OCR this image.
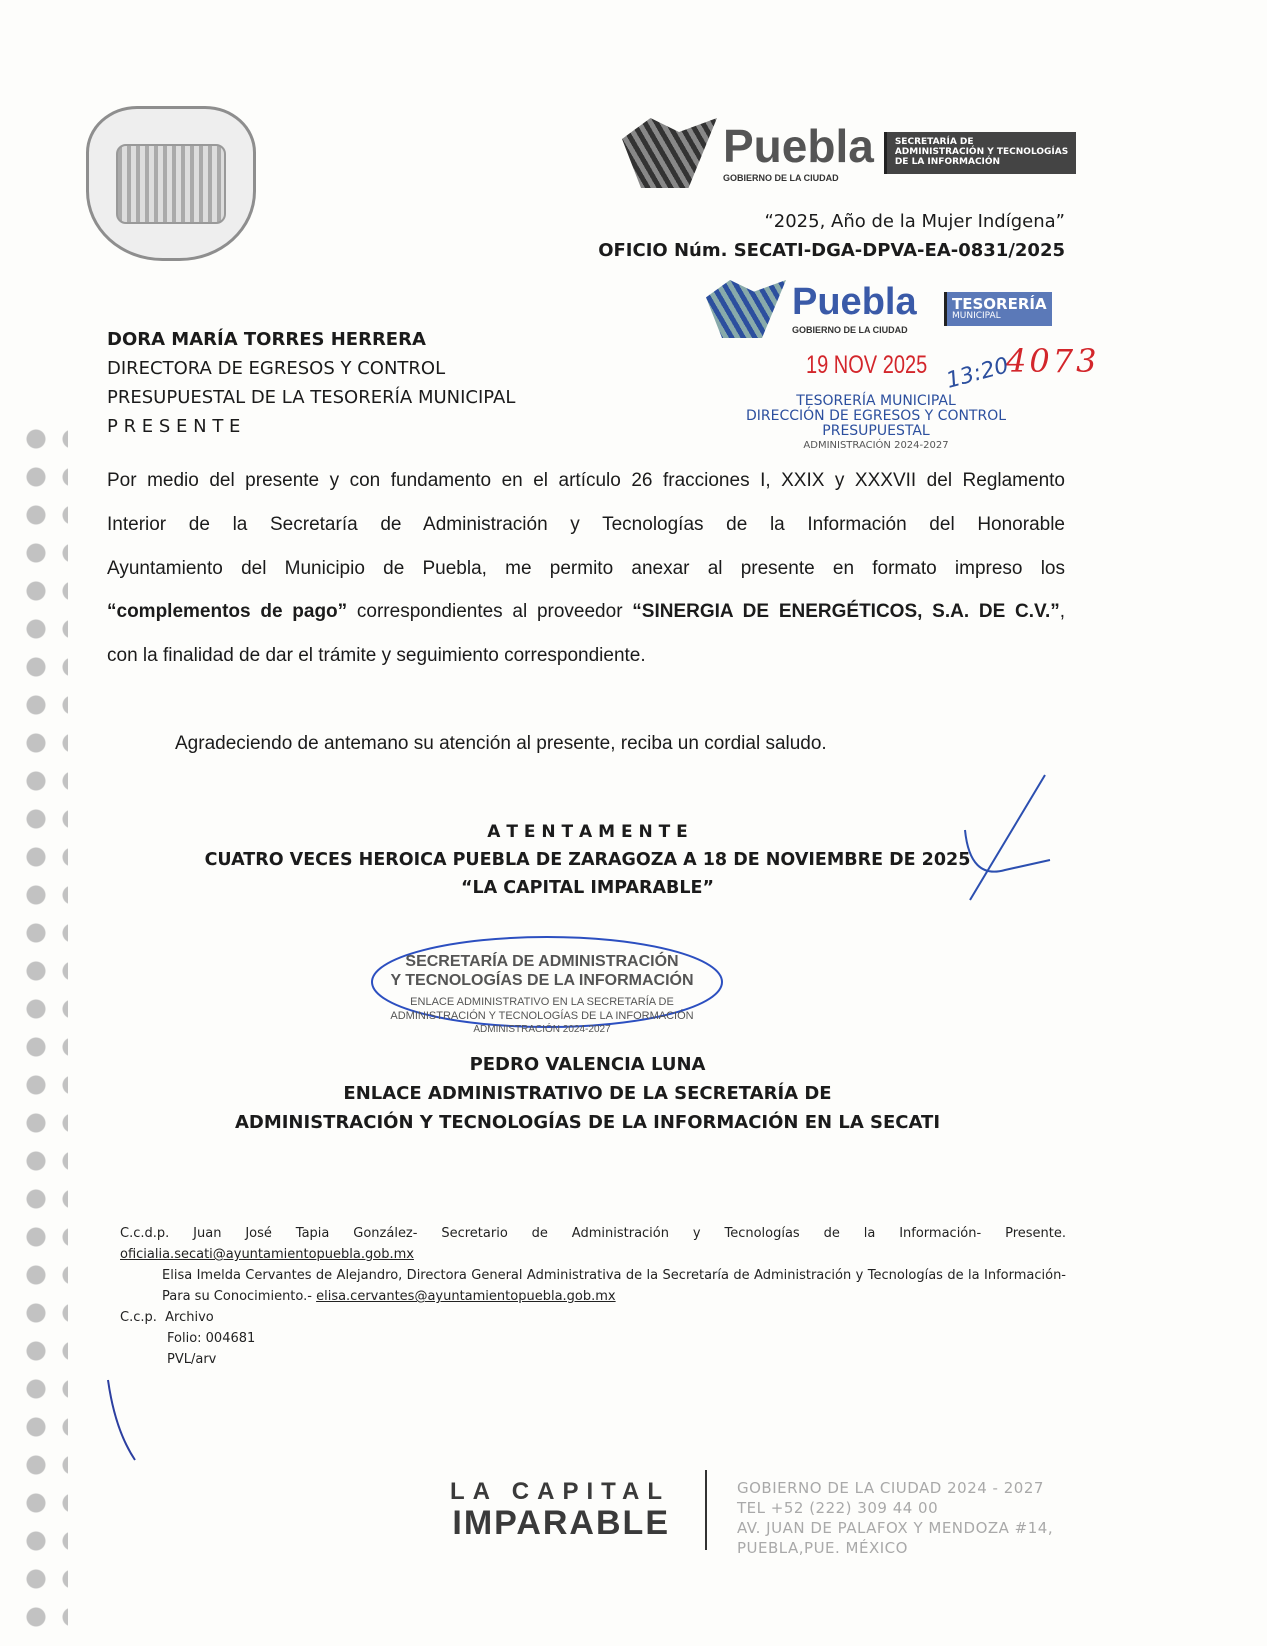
Puebla
GOBIERNO DE LA CIUDAD
SECRETARÍA DE
ADMINISTRACIÓN Y TECNOLOGÍAS
DE LA INFORMACIÓN
“2025, Año de la Mujer Indígena”
OFICIO Núm. SECATI-DGA-DPVA-EA-0831/2025
DORA MARÍA TORRES HERRERA
DIRECTORA DE EGRESOS Y CONTROL
PRESUPUESTAL DE LA TESORERÍA MUNICIPAL
P R E S E N T E
Puebla
GOBIERNO DE LA CIUDAD
TESORERÍA
MUNICIPAL
4073
19 NOV 2025 13:20
TESORERÍA MUNICIPAL
DIRECCIÓN DE EGRESOS Y CONTROL
PRESUPUESTAL
ADMINISTRACIÓN 2024-2027
Por medio del presente y con fundamento en el artículo 26 fracciones I, XXIX y XXXVII del Reglamento
Interior de la Secretaría de Administración y Tecnologías de la Información del Honorable
Ayuntamiento del Municipio de Puebla, me permito anexar al presente en formato impreso los
“complementos de pago” correspondientes al proveedor “SINERGIA DE ENERGÉTICOS, S.A. DE C.V.”,
con la finalidad de dar el trámite y seguimiento correspondiente.
Agradeciendo de antemano su atención al presente, reciba un cordial saludo.
A T E N T A M E N T E
CUATRO VECES HEROICA PUEBLA DE ZARAGOZA A 18 DE NOVIEMBRE DE 2025
“LA CAPITAL IMPARABLE”
SECRETARÍA DE ADMINISTRACIÓN
Y TECNOLOGÍAS DE LA INFORMACIÓN
ENLACE ADMINISTRATIVO EN LA SECRETARÍA DE
ADMINISTRACIÓN Y TECNOLOGÍAS DE LA INFORMACIÓN
ADMINISTRACIÓN 2024-2027
PEDRO VALENCIA LUNA
ENLACE ADMINISTRATIVO DE LA SECRETARÍA DE
ADMINISTRACIÓN Y TECNOLOGÍAS DE LA INFORMACIÓN EN LA SECATI
C.c.d.p. Juan José Tapia González- Secretario de Administración y Tecnologías de la Información- Presente.
oficialia.secati@ayuntamientopuebla.gob.mx
Elisa Imelda Cervantes de Alejandro, Directora General Administrativa de la Secretaría de Administración y Tecnologías de la Información- Para su Conocimiento.- elisa.cervantes@ayuntamientopuebla.gob.mx
C.c.p. Archivo
Folio: 004681
PVL/arv
LA CAPITAL
IMPARABLE
GOBIERNO DE LA CIUDAD 2024 - 2027
TEL +52 (222) 309 44 00
AV. JUAN DE PALAFOX Y MENDOZA #14,
PUEBLA,PUE. MÉXICO
